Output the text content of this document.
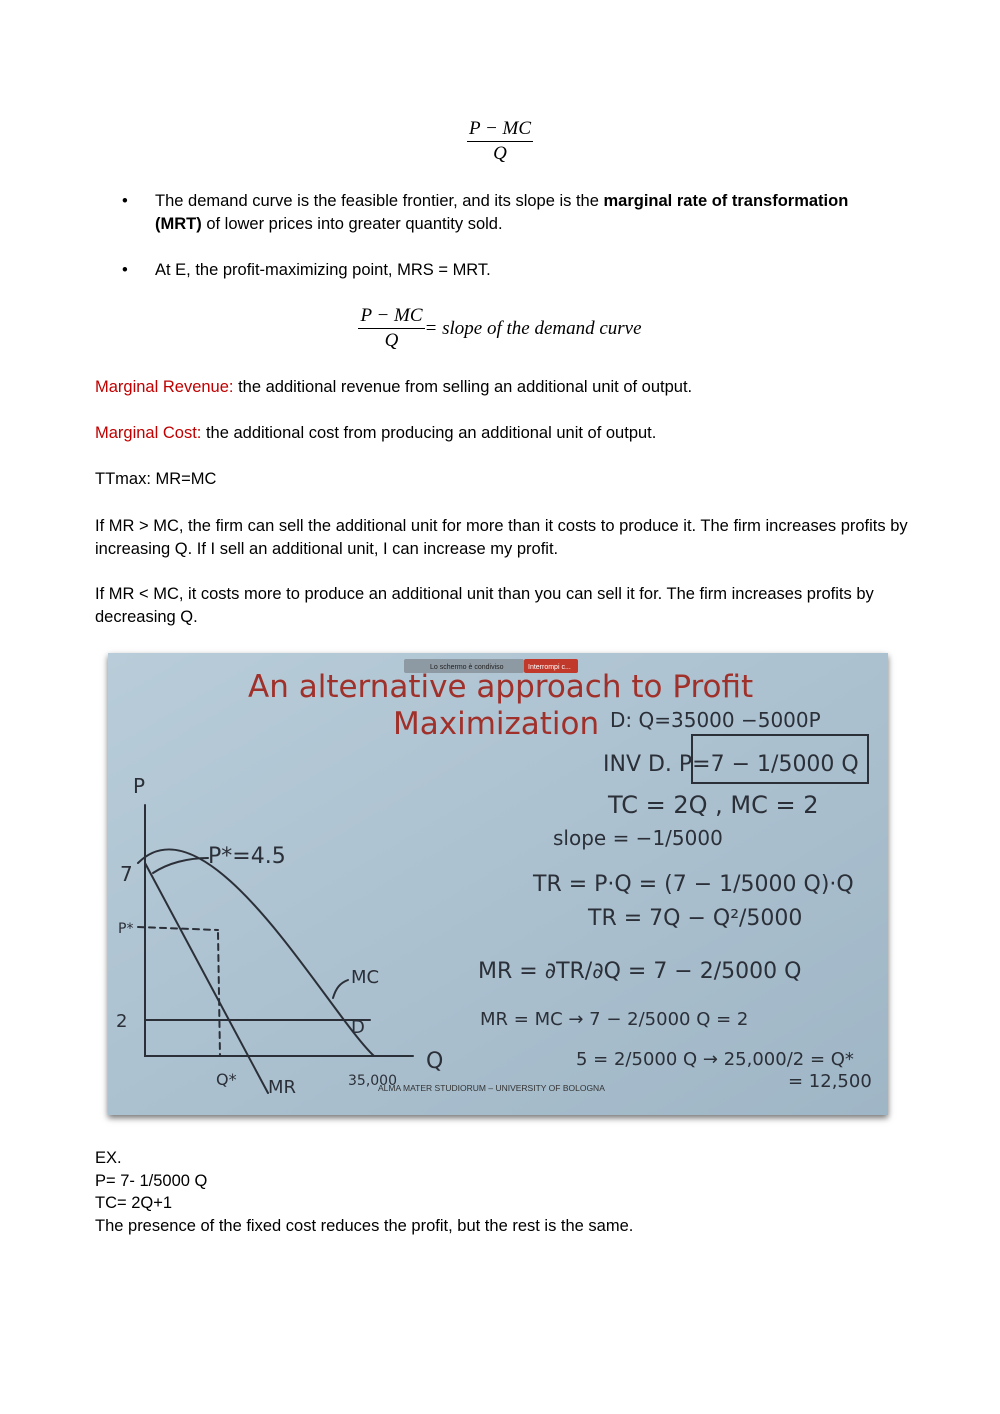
$\frac{P - MC}{Q}$
• The demand curve is the feasible frontier, and its slope is the marginal rate of transformation (MRT) of lower prices into greater quantity sold.
• At E, the profit-maximizing point, MRS = MRT.
$\frac{P - MC}{Q}$ = slope of the demand curve
Marginal Revenue: the additional revenue from selling an additional unit of output.
Marginal Cost: the additional cost from producing an additional unit of output.
TTmax: MR=MC
If MR > MC, the firm can sell the additional unit for more than it costs to produce it. The firm increases profits by increasing Q. If I sell an additional unit, I can increase my profit.
If MR < MC, it costs more to produce an additional unit than you can sell it for. The firm increases profits by decreasing Q.
Lo schermo è condiviso	Interrompi c...
An alternative approach to Profit
Maximization
P
Q
7
P*
2
P*=4.5
MC
D
MR
Q*	35,000
D: Q=35000 −5000P
INV D. P=7 − 1/5000 Q
TC = 2Q , MC = 2
slope = −1/5000
TR = P·Q = (7 − 1/5000 Q)·Q
TR = 7Q − Q²/5000
MR = ∂TR/∂Q = 7 − 2/5000 Q
MR = MC → 7 − 2/5000 Q = 2
5 = 2/5000 Q → 25,000/2 = Q*
= 12,500
ALMA MATER STUDIORUM – UNIVERSITY OF BOLOGNA
EX.
P= 7- 1/5000 Q
TC= 2Q+1
The presence of the fixed cost reduces the profit, but the rest is the same.
